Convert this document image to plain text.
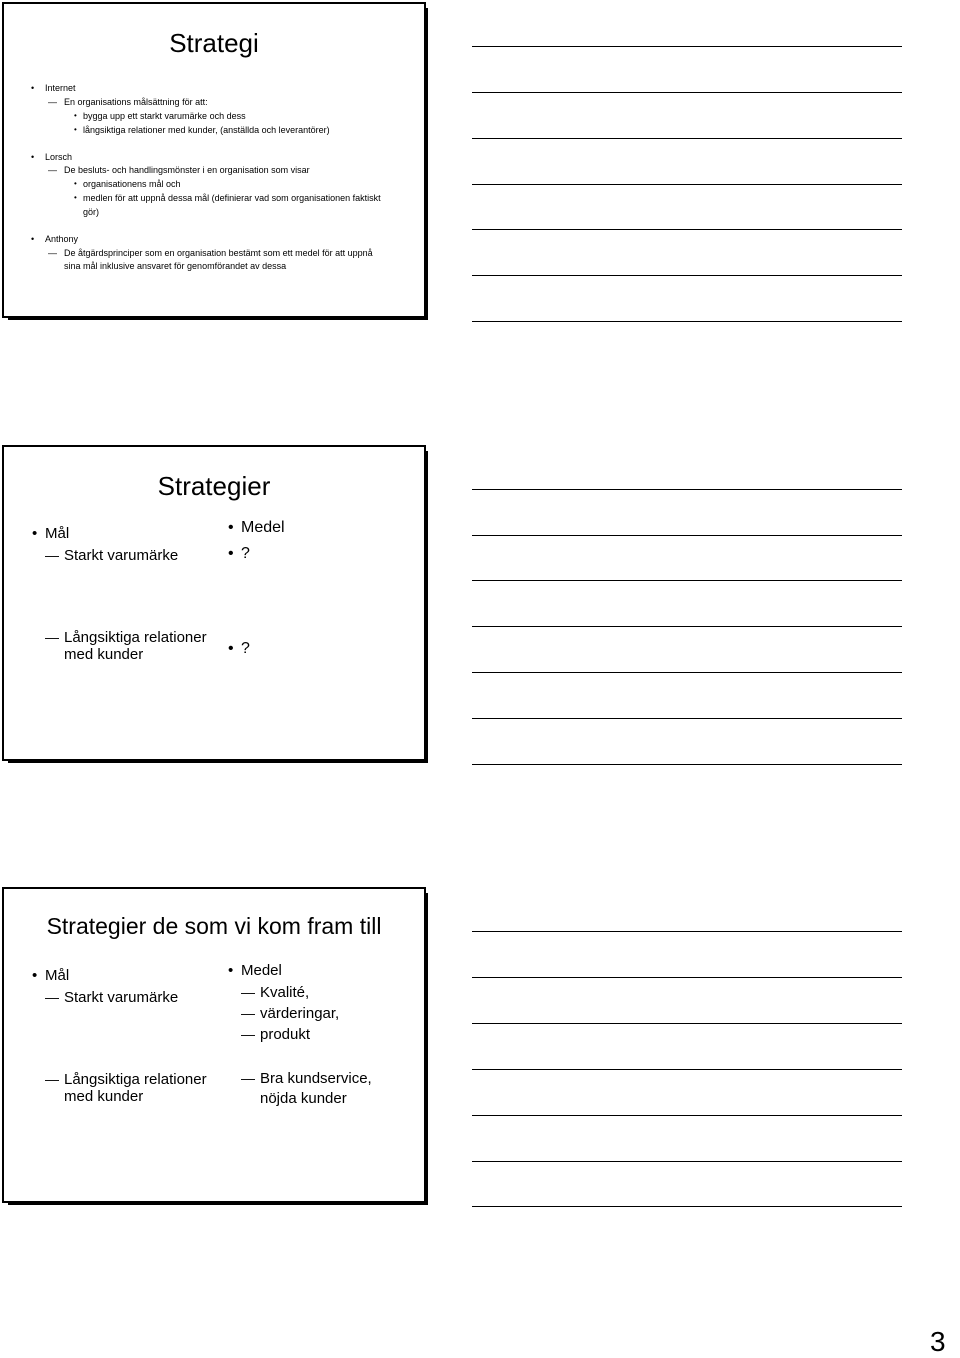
Strategi
• Internet
— En organisations målsättning för att:
• bygga upp ett starkt varumärke och dess
• långsiktiga relationer med kunder, (anställda och leverantörer)
• Lorsch
— De besluts- och handlingsmönster i en organisation som visar
• organisationens mål och
• medlen för att uppnå dessa mål (definierar vad som organisationen faktiskt
gör)
• Anthony
— De åtgärdsprinciper som en organisation bestämt som ett medel för att uppnå
sina mål inklusive ansvaret för genomförandet av dessa
Strategier
• Mål
— Starkt varumärke
— Långsiktiga relationer
med kunder
• Medel
• ?
• ?
Strategier de som vi kom fram till
• Mål
— Starkt varumärke
— Långsiktiga relationer
med kunder
• Medel
— Kvalité,
— värderingar,
— produkt
— Bra kundservice,
nöjda kunder
3
